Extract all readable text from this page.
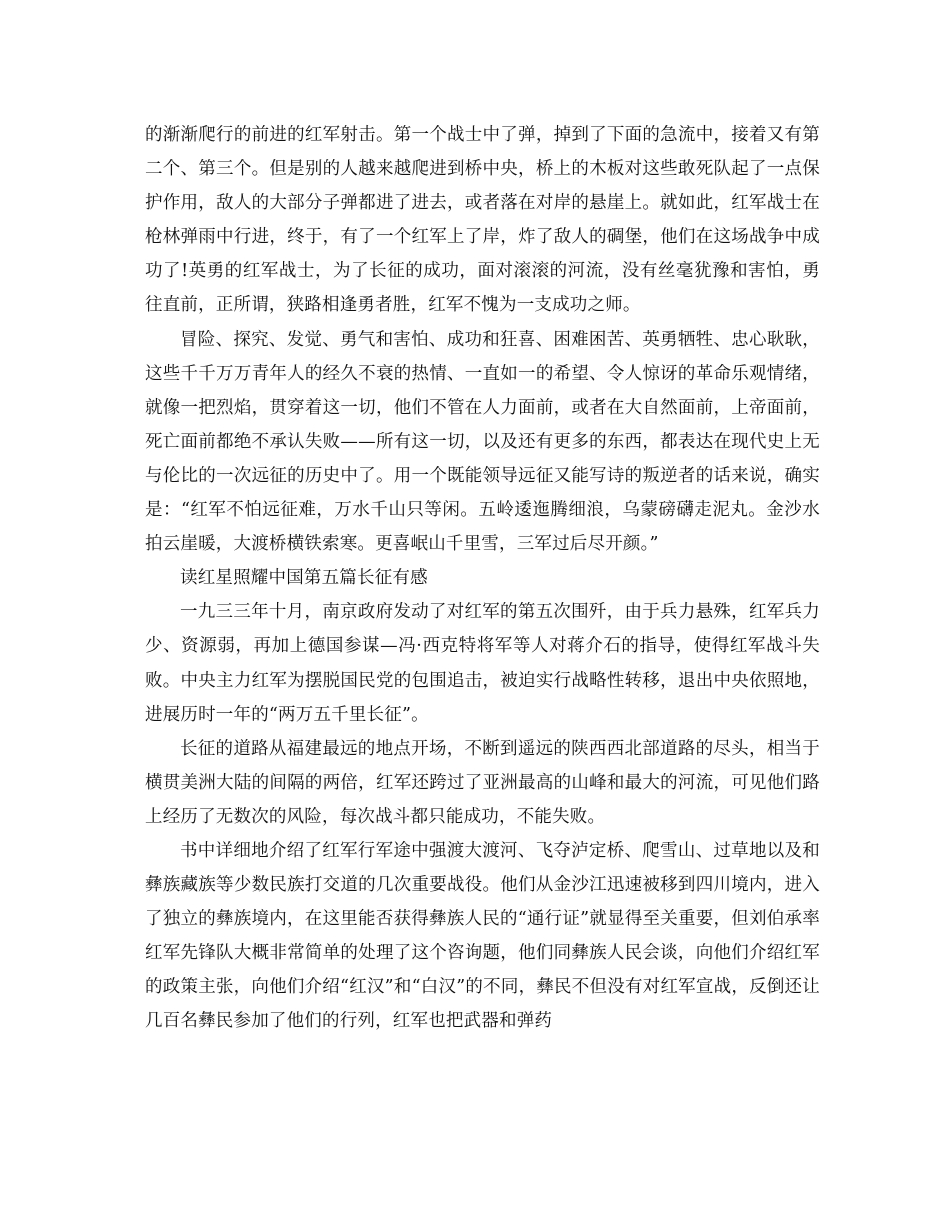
的渐渐爬行的前进的红军射击。第一个战士中了弹，掉到了下面的急流中，接着又有第二个、第三个。但是别的人越来越爬进到桥中央，桥上的木板对这些敢死队起了一点保护作用，敌人的大部分子弹都进了进去，或者落在对岸的悬崖上。就如此，红军战士在枪林弹雨中行进，终于，有了一个红军上了岸，炸了敌人的碉堡，他们在这场战争中成功了!英勇的红军战士，为了长征的成功，面对滚滚的河流，没有丝毫犹豫和害怕，勇往直前，正所谓，狭路相逢勇者胜，红军不愧为一支成功之师。

冒险、探究、发觉、勇气和害怕、成功和狂喜、困难困苦、英勇牺牲、忠心耿耿，这些千千万万青年人的经久不衰的热情、一直如一的希望、令人惊讶的革命乐观情绪，就像一把烈焰，贯穿着这一切，他们不管在人力面前，或者在大自然面前，上帝面前，死亡面前都绝不承认失败——所有这一切，以及还有更多的东西，都表达在现代史上无与伦比的一次远征的历史中了。用一个既能领导远征又能写诗的叛逆者的话来说，确实是：“红军不怕远征难，万水千山只等闲。五岭逶迤腾细浪，乌蒙磅礴走泥丸。金沙水拍云崖暖，大渡桥横铁索寒。更喜岷山千里雪，三军过后尽开颜。”

读红星照耀中国第五篇长征有感

一九三三年十月，南京政府发动了对红军的第五次围歼，由于兵力悬殊，红军兵力少、资源弱，再加上德国参谋—冯·西克特将军等人对蒋介石的指导，使得红军战斗失败。中央主力红军为摆脱国民党的包围追击，被迫实行战略性转移，退出中央依照地，进展历时一年的“两万五千里长征”。

长征的道路从福建最远的地点开场，不断到遥远的陕西西北部道路的尽头，相当于横贯美洲大陆的间隔的两倍，红军还跨过了亚洲最高的山峰和最大的河流，可见他们路上经历了无数次的风险，每次战斗都只能成功，不能失败。

书中详细地介绍了红军行军途中强渡大渡河、飞夺泸定桥、爬雪山、过草地以及和彝族藏族等少数民族打交道的几次重要战役。他们从金沙江迅速被移到四川境内，进入了独立的彝族境内，在这里能否获得彝族人民的“通行证”就显得至关重要，但刘伯承率红军先锋队大概非常简单的处理了这个咨询题，他们同彝族人民会谈，向他们介绍红军的政策主张，向他们介绍“红汉”和“白汉”的不同，彝民不但没有对红军宣战，反倒还让几百名彝民参加了他们的行列，红军也把武器和弹药
